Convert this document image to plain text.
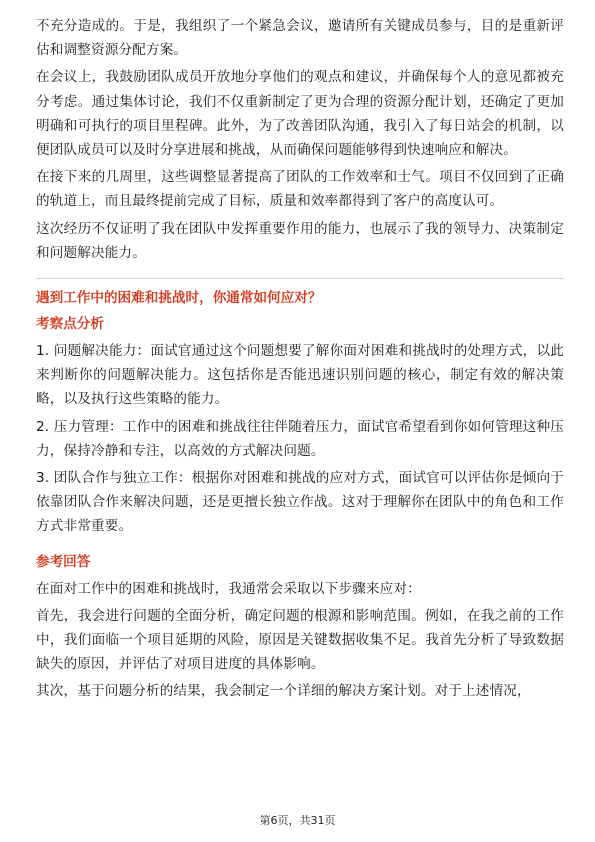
不充分造成的。于是，我组织了一个紧急会议，邀请所有关键成员参与，目的是重新评估和调整资源分配方案。

在会议上，我鼓励团队成员开放地分享他们的观点和建议，并确保每个人的意见都被充分考虑。通过集体讨论，我们不仅重新制定了更为合理的资源分配计划，还确定了更加明确和可执行的项目里程碑。此外，为了改善团队沟通，我引入了每日站会的机制，以便团队成员可以及时分享进展和挑战，从而确保问题能够得到快速响应和解决。

在接下来的几周里，这些调整显著提高了团队的工作效率和士气。项目不仅回到了正确的轨道上，而且最终提前完成了目标，质量和效率都得到了客户的高度认可。

这次经历不仅证明了我在团队中发挥重要作用的能力，也展示了我的领导力、决策制定和问题解决能力。

遇到工作中的困难和挑战时，你通常如何应对？
考察点分析

1. 问题解决能力：面试官通过这个问题想要了解你面对困难和挑战时的处理方式，以此来判断你的问题解决能力。这包括你是否能迅速识别问题的核心，制定有效的解决策略，以及执行这些策略的能力。

2. 压力管理：工作中的困难和挑战往往伴随着压力，面试官希望看到你如何管理这种压力，保持冷静和专注，以高效的方式解决问题。

3. 团队合作与独立工作：根据你对困难和挑战的应对方式，面试官可以评估你是倾向于依靠团队合作来解决问题，还是更擅长独立作战。这对于理解你在团队中的角色和工作方式非常重要。

参考回答

在面对工作中的困难和挑战时，我通常会采取以下步骤来应对：

首先，我会进行问题的全面分析，确定问题的根源和影响范围。例如，在我之前的工作中，我们面临一个项目延期的风险，原因是关键数据收集不足。我首先分析了导致数据缺失的原因，并评估了对项目进度的具体影响。

其次，基于问题分析的结果，我会制定一个详细的解决方案计划。对于上述情况，

第6页，共31页
